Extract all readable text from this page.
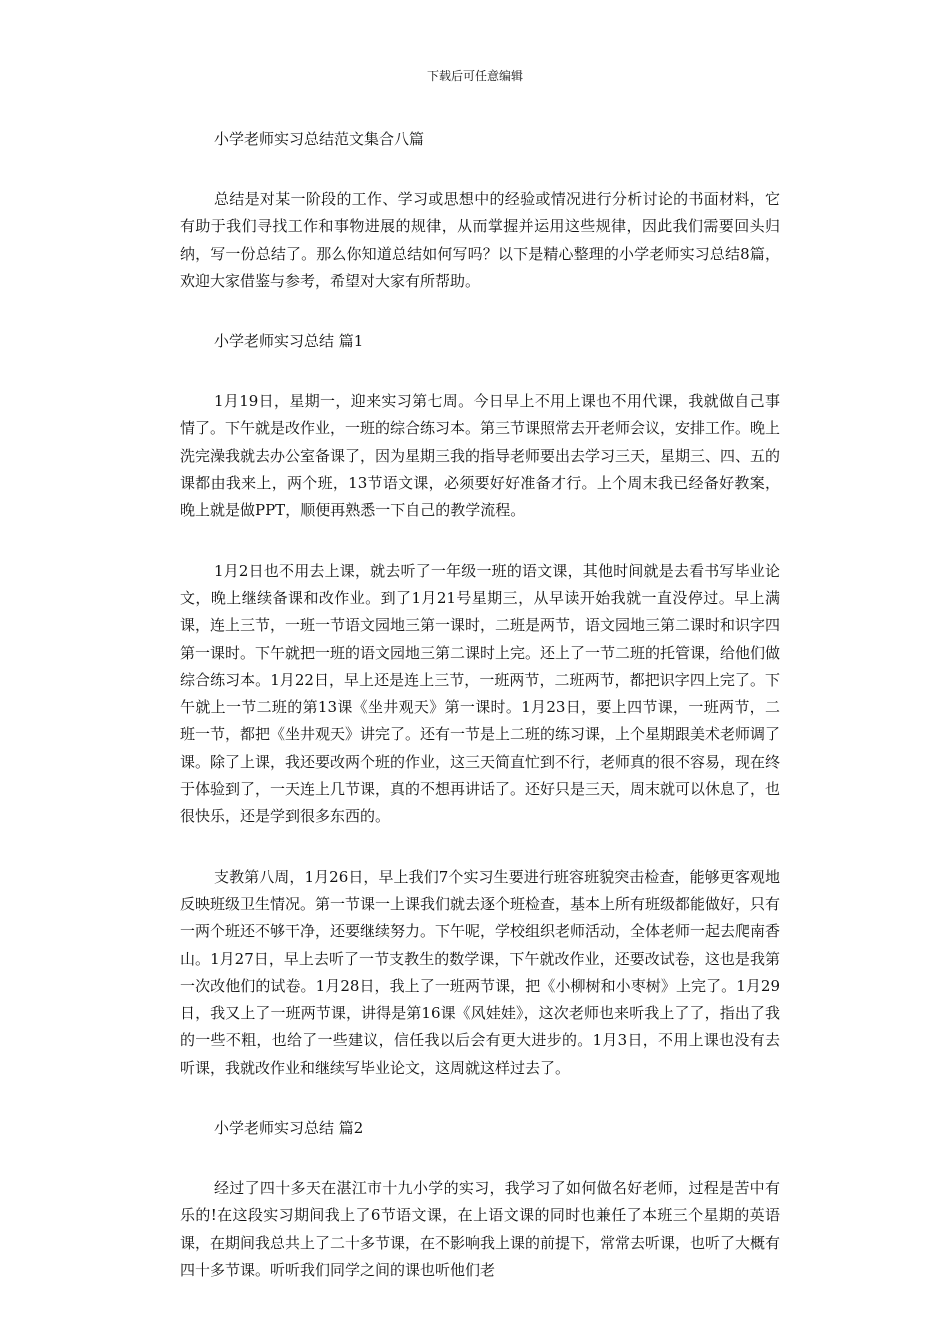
下载后可任意编辑
小学老师实习总结范文集合八篇

总结是对某一阶段的工作、学习或思想中的经验或情况进行分析讨论的书面材料，它有助于我们寻找工作和事物进展的规律，从而掌握并运用这些规律，因此我们需要回头归纳，写一份总结了。那么你知道总结如何写吗？以下是精心整理的小学老师实习总结8篇，欢迎大家借鉴与参考，希望对大家有所帮助。

小学老师实习总结 篇1

1月19日，星期一，迎来实习第七周。今日早上不用上课也不用代课，我就做自己事情了。下午就是改作业，一班的综合练习本。第三节课照常去开老师会议，安排工作。晚上洗完澡我就去办公室备课了，因为星期三我的指导老师要出去学习三天，星期三、四、五的课都由我来上，两个班，13节语文课，必须要好好准备才行。上个周末我已经备好教案，晚上就是做PPT，顺便再熟悉一下自己的教学流程。

1月2日也不用去上课，就去听了一年级一班的语文课，其他时间就是去看书写毕业论文，晚上继续备课和改作业。到了1月21号星期三，从早读开始我就一直没停过。早上满课，连上三节，一班一节语文园地三第一课时，二班是两节，语文园地三第二课时和识字四第一课时。下午就把一班的语文园地三第二课时上完。还上了一节二班的托管课，给他们做综合练习本。1月22日，早上还是连上三节，一班两节，二班两节，都把识字四上完了。下午就上一节二班的第13课《坐井观天》第一课时。1月23日，要上四节课，一班两节，二班一节，都把《坐井观天》讲完了。还有一节是上二班的练习课，上个星期跟美术老师调了课。除了上课，我还要改两个班的作业，这三天简直忙到不行，老师真的很不容易，现在终于体验到了，一天连上几节课，真的不想再讲话了。还好只是三天，周末就可以休息了，也很快乐，还是学到很多东西的。

支教第八周，1月26日，早上我们7个实习生要进行班容班貌突击检查，能够更客观地反映班级卫生情况。第一节课一上课我们就去逐个班检查，基本上所有班级都能做好，只有一两个班还不够干净，还要继续努力。下午呢，学校组织老师活动，全体老师一起去爬南香山。1月27日，早上去听了一节支教生的数学课，下午就改作业，还要改试卷，这也是我第一次改他们的试卷。1月28日，我上了一班两节课，把《小柳树和小枣树》上完了。1月29日，我又上了一班两节课，讲得是第16课《风娃娃》，这次老师也来听我上了了，指出了我的一些不粗，也给了一些建议，信任我以后会有更大进步的。1月3日，不用上课也没有去听课，我就改作业和继续写毕业论文，这周就这样过去了。

小学老师实习总结 篇2

经过了四十多天在湛江市十九小学的实习，我学习了如何做名好老师，过程是苦中有乐的!在这段实习期间我上了6节语文课，在上语文课的同时也兼任了本班三个星期的英语课，在期间我总共上了二十多节课，在不影响我上课的前提下，常常去听课，也听了大概有四十多节课。听听我们同学之间的课也听他们老
